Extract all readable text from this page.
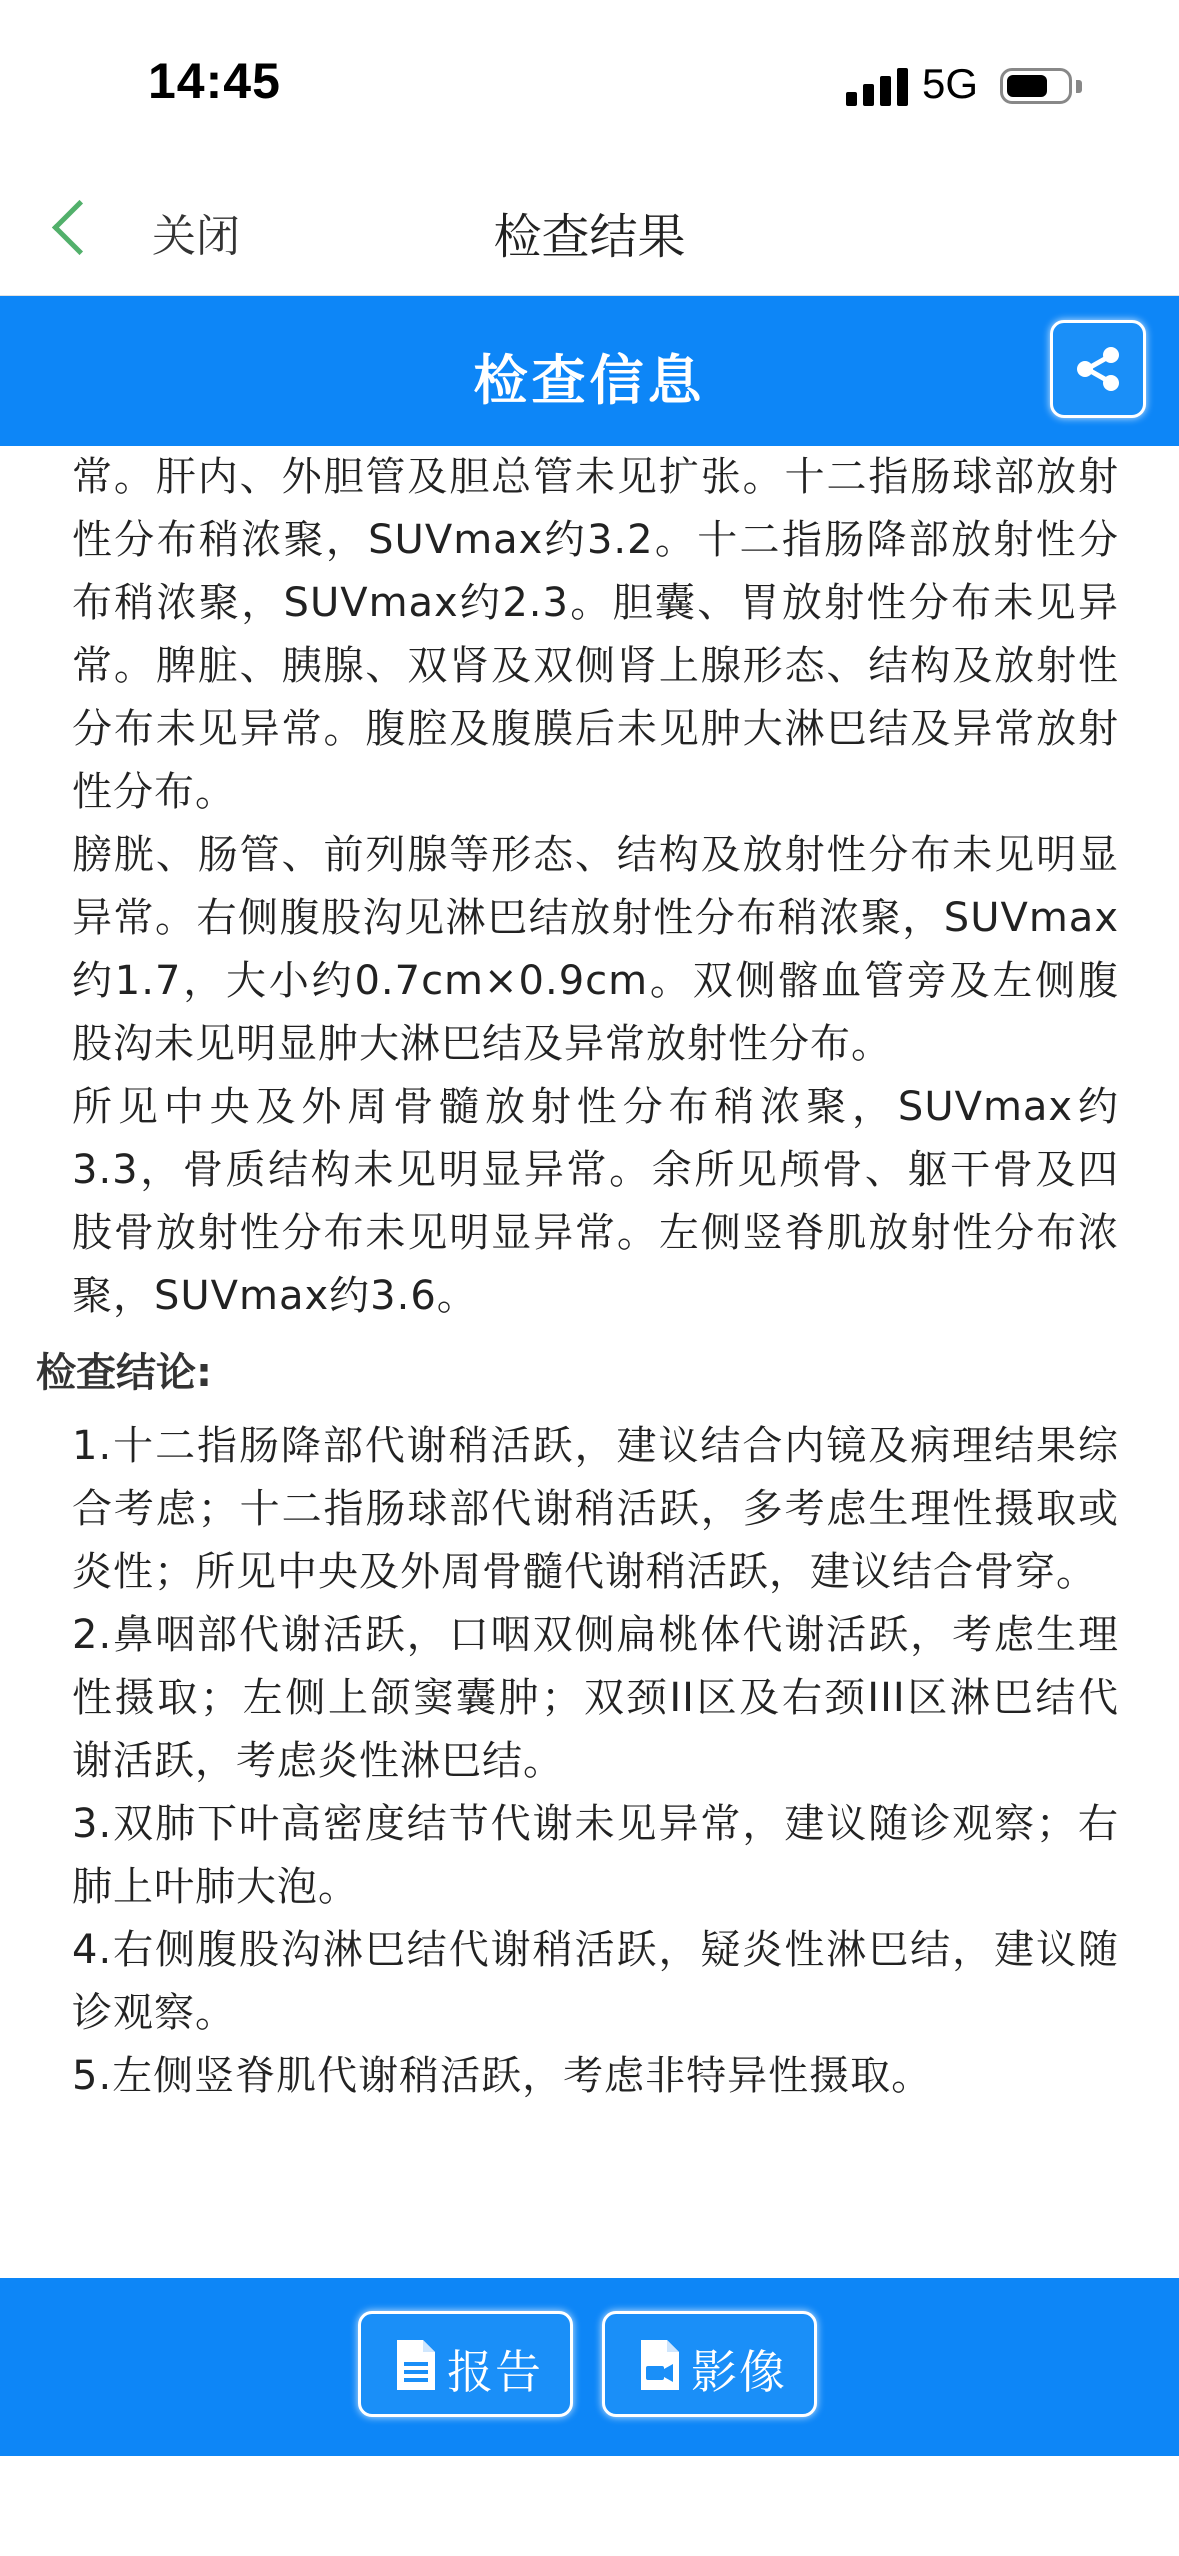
14:45	5G
关闭	检查结果
检查信息

常。肝内、外胆管及胆总管未见扩张。十二指肠球部放射性分布稍浓聚，SUVmax约3.2。十二指肠降部放射性分布稍浓聚，SUVmax约2.3。胆囊、胃放射性分布未见异常。脾脏、胰腺、双肾及双侧肾上腺形态、结构及放射性分布未见异常。腹腔及腹膜后未见肿大淋巴结及异常放射性分布。

膀胱、肠管、前列腺等形态、结构及放射性分布未见明显异常。右侧腹股沟见淋巴结放射性分布稍浓聚，SUVmax约1.7，大小约0.7cm×0.9cm。双侧髂血管旁及左侧腹股沟未见明显肿大淋巴结及异常放射性分布。

所见中央及外周骨髓放射性分布稍浓聚，SUVmax约3.3，骨质结构未见明显异常。余所见颅骨、躯干骨及四肢骨放射性分布未见明显异常。左侧竖脊肌放射性分布浓聚，SUVmax约3.6。

检查结论:

1.十二指肠降部代谢稍活跃，建议结合内镜及病理结果综合考虑；十二指肠球部代谢稍活跃，多考虑生理性摄取或炎性；所见中央及外周骨髓代谢稍活跃，建议结合骨穿。

2.鼻咽部代谢活跃，口咽双侧扁桃体代谢活跃，考虑生理性摄取；左侧上颌窦囊肿；双颈II区及右颈III区淋巴结代谢活跃，考虑炎性淋巴结。

3.双肺下叶高密度结节代谢未见异常，建议随诊观察；右肺上叶肺大泡。

4.右侧腹股沟淋巴结代谢稍活跃，疑炎性淋巴结，建议随诊观察。

5.左侧竖脊肌代谢稍活跃，考虑非特异性摄取。

报告	影像
